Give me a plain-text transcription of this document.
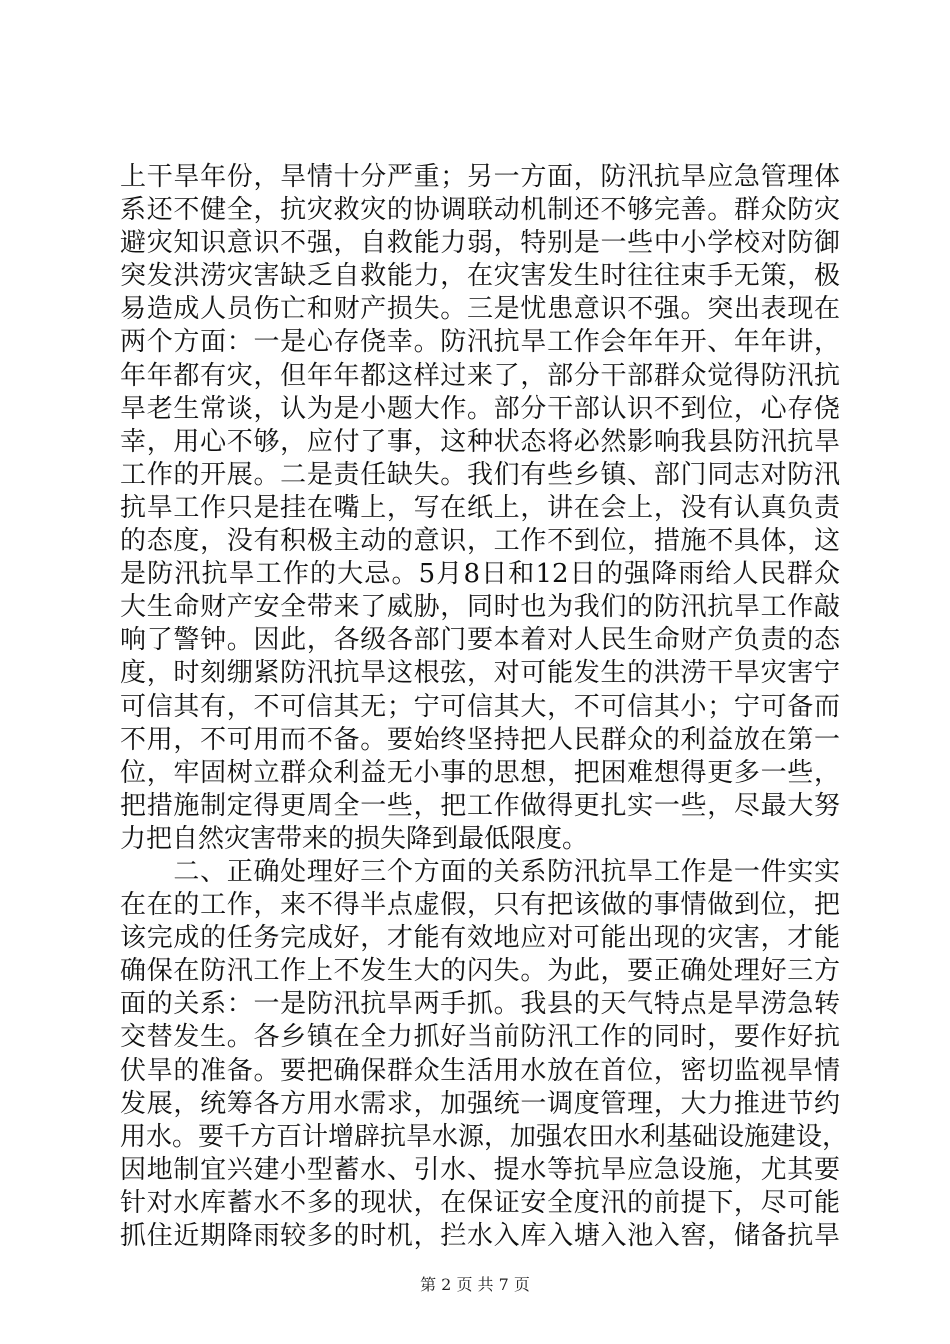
上干旱年份，旱情十分严重；另一方面，防汛抗旱应急管理体
系还不健全，抗灾救灾的协调联动机制还不够完善。群众防灾
避灾知识意识不强，自救能力弱，特别是一些中小学校对防御
突发洪涝灾害缺乏自救能力，在灾害发生时往往束手无策，极
易造成人员伤亡和财产损失。三是忧患意识不强。突出表现在
两个方面：一是心存侥幸。防汛抗旱工作会年年开、年年讲，
年年都有灾，但年年都这样过来了，部分干部群众觉得防汛抗
旱老生常谈，认为是小题大作。部分干部认识不到位，心存侥
幸，用心不够，应付了事，这种状态将必然影响我县防汛抗旱
工作的开展。二是责任缺失。我们有些乡镇、部门同志对防汛
抗旱工作只是挂在嘴上，写在纸上，讲在会上，没有认真负责
的态度，没有积极主动的意识，工作不到位，措施不具体，这
是防汛抗旱工作的大忌。5月8日和12日的强降雨给人民群众
大生命财产安全带来了威胁，同时也为我们的防汛抗旱工作敲
响了警钟。因此，各级各部门要本着对人民生命财产负责的态
度，时刻绷紧防汛抗旱这根弦，对可能发生的洪涝干旱灾害宁
可信其有，不可信其无；宁可信其大，不可信其小；宁可备而
不用，不可用而不备。要始终坚持把人民群众的利益放在第一
位，牢固树立群众利益无小事的思想，把困难想得更多一些，
把措施制定得更周全一些，把工作做得更扎实一些，尽最大努
力把自然灾害带来的损失降到最低限度。
　　二、正确处理好三个方面的关系防汛抗旱工作是一件实实
在在的工作，来不得半点虚假，只有把该做的事情做到位，把
该完成的任务完成好，才能有效地应对可能出现的灾害，才能
确保在防汛工作上不发生大的闪失。为此，要正确处理好三方
面的关系：一是防汛抗旱两手抓。我县的天气特点是旱涝急转
交替发生。各乡镇在全力抓好当前防汛工作的同时，要作好抗
伏旱的准备。要把确保群众生活用水放在首位，密切监视旱情
发展，统筹各方用水需求，加强统一调度管理，大力推进节约
用水。要千方百计增辟抗旱水源，加强农田水利基础设施建设，
因地制宜兴建小型蓄水、引水、提水等抗旱应急设施，尤其要
针对水库蓄水不多的现状，在保证安全度汛的前提下，尽可能
抓住近期降雨较多的时机，拦水入库入塘入池入窖，储备抗旱
第 2 页 共 7 页
